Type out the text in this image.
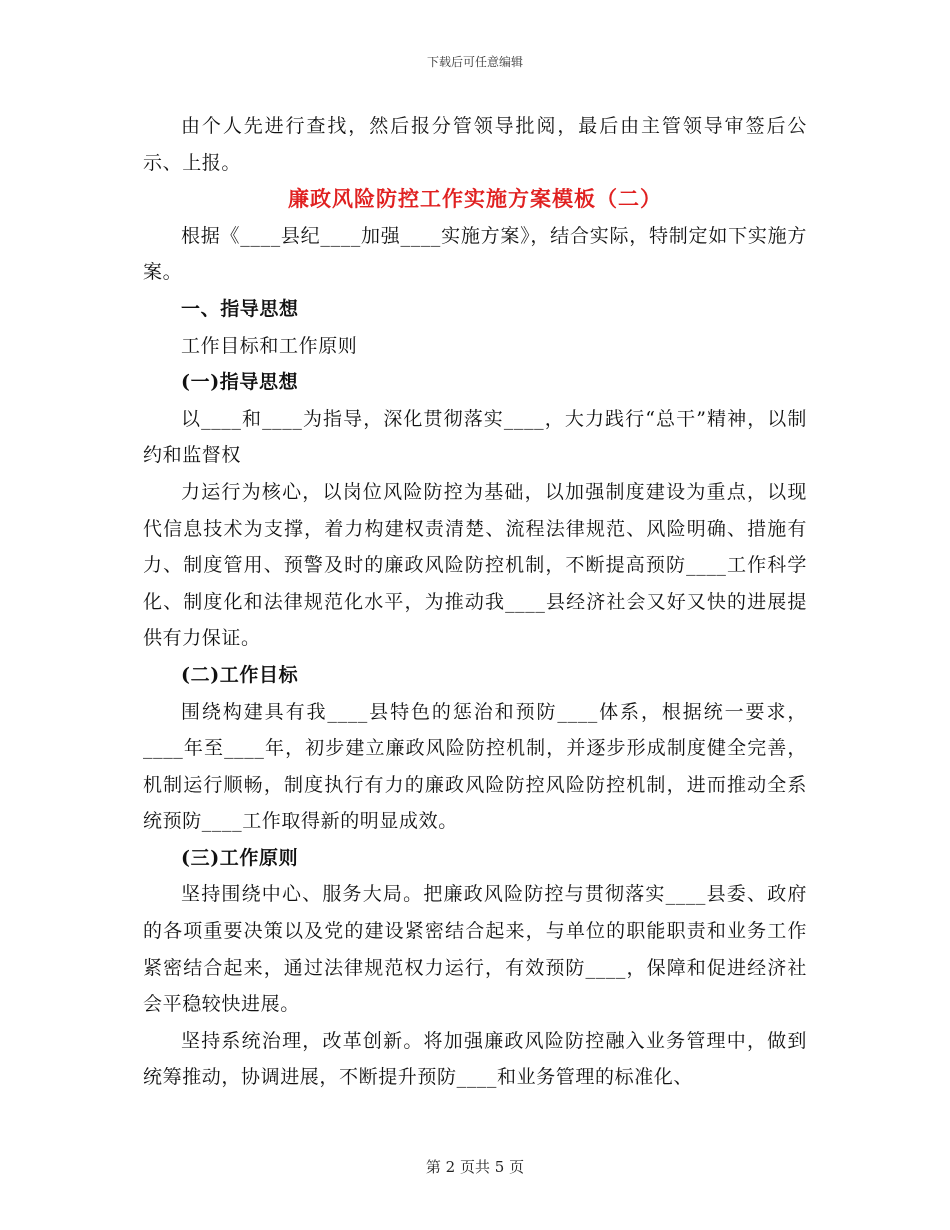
下载后可任意编辑

由个人先进行查找，然后报分管领导批阅，最后由主管领导审签后公示、上报。

廉政风险防控工作实施方案模板（二）

根据《____县纪____加强____实施方案》，结合实际，特制定如下实施方案。

一、指导思想

工作目标和工作原则

(一)指导思想

以____和____为指导，深化贯彻落实____，大力践行“总干”精神，以制约和监督权

力运行为核心，以岗位风险防控为基础，以加强制度建设为重点，以现代信息技术为支撑，着力构建权责清楚、流程法律规范、风险明确、措施有力、制度管用、预警及时的廉政风险防控机制，不断提高预防____工作科学化、制度化和法律规范化水平，为推动我____县经济社会又好又快的进展提供有力保证。

(二)工作目标

围绕构建具有我____县特色的惩治和预防____体系，根据统一要求，____年至____年，初步建立廉政风险防控机制，并逐步形成制度健全完善，机制运行顺畅，制度执行有力的廉政风险防控风险防控机制，进而推动全系统预防____工作取得新的明显成效。

(三)工作原则

坚持围绕中心、服务大局。把廉政风险防控与贯彻落实____县委、政府的各项重要决策以及党的建设紧密结合起来，与单位的职能职责和业务工作紧密结合起来，通过法律规范权力运行，有效预防____，保障和促进经济社会平稳较快进展。

坚持系统治理，改革创新。将加强廉政风险防控融入业务管理中，做到统筹推动，协调进展，不断提升预防____和业务管理的标准化、

第 2 页共 5 页
